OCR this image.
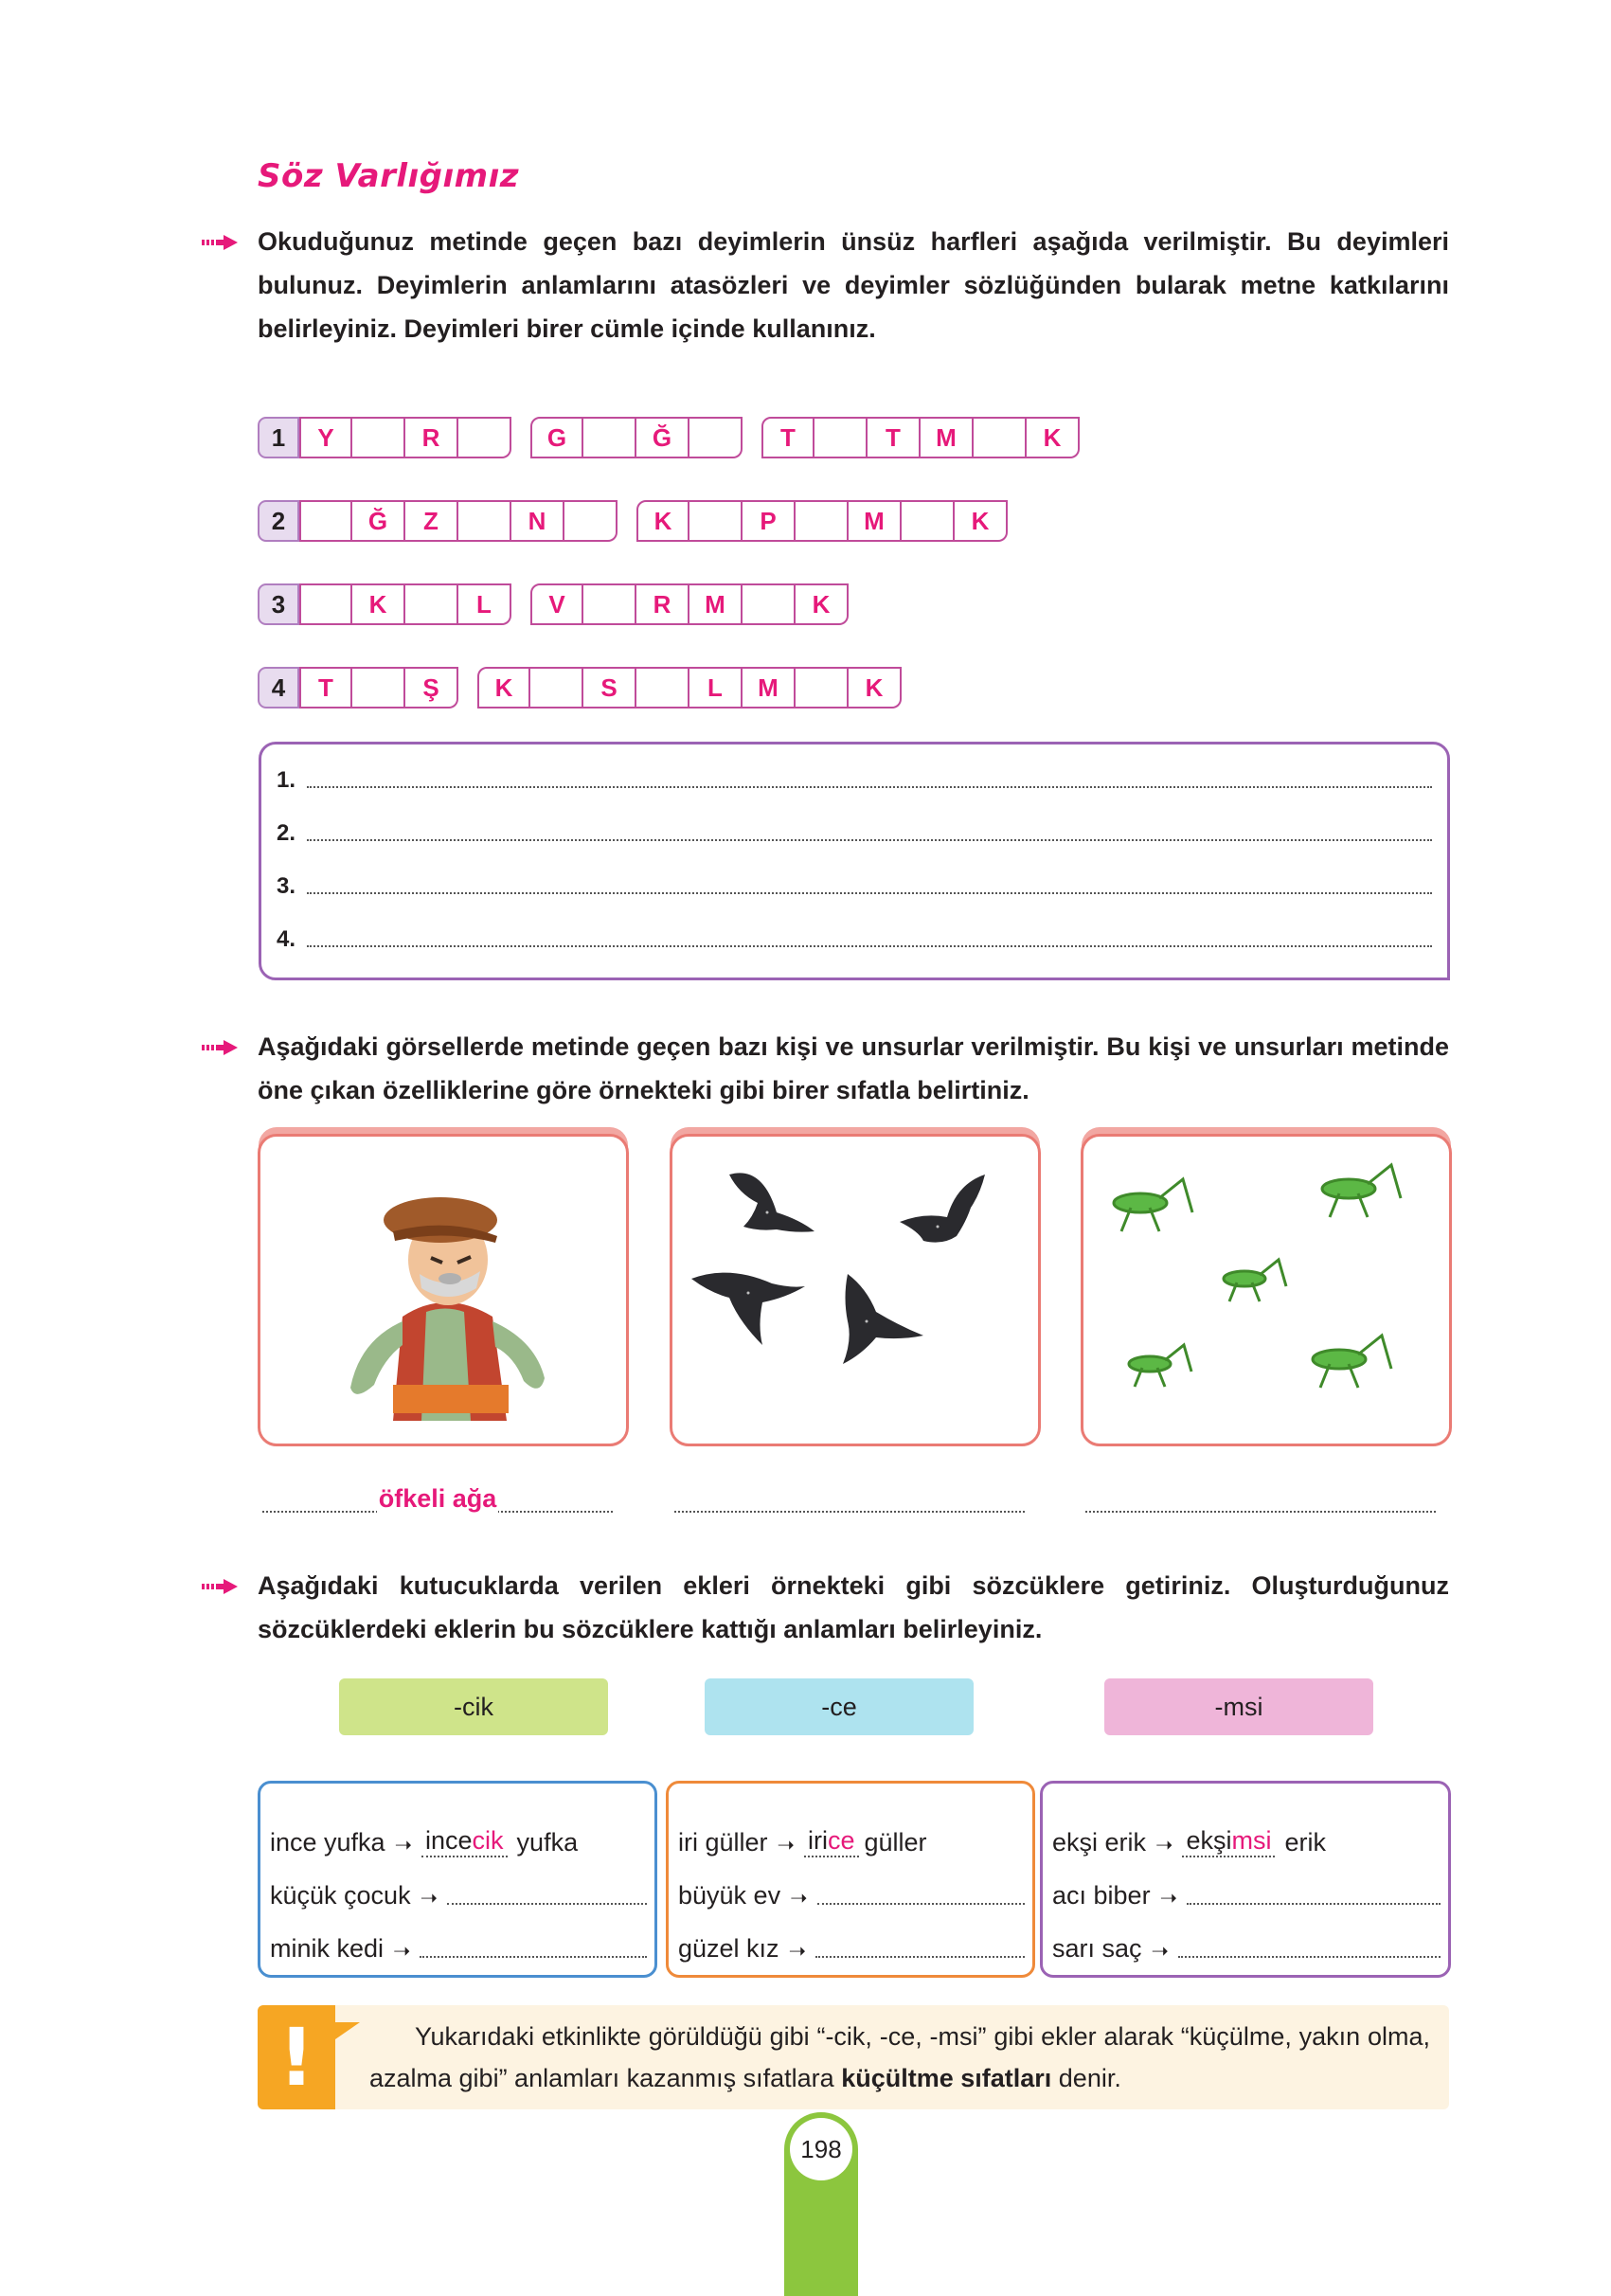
Söz Varlığımız
Okuduğunuz metinde geçen bazı deyimlerin ünsüz harfleri aşağıda verilmiştir. Bu deyimleri bulunuz. Deyimlerin anlamlarını atasözleri ve deyimler sözlüğünden bularak metne katkılarını belirleyiniz. Deyimleri birer cümle içinde kullanınız.
1	Y	R	G	Ğ	T	T	M	K
2	Ğ	Z	N	K	P	M	K
3	K	L	V	R	M	K
4	T	Ş	K	S	L	M	K
1.
2.
3.
4.
Aşağıdaki görsellerde metinde geçen bazı kişi ve unsurlar verilmiştir. Bu kişi ve unsurları metinde öne çıkan özelliklerine göre örnekteki gibi birer sıfatla belirtiniz.
öfkeli ağa
Aşağıdaki kutucuklarda verilen ekleri örnekteki gibi sözcüklere getiriniz. Oluşturduğunuz sözcüklerdeki eklerin bu sözcüklere kattığı anlamları belirleyiniz.
-cik	-ce	-msi
ince yufka ➝ incecik yufka
küçük çocuk ➝
minik kedi ➝
iri güller ➝ irice güller
büyük ev ➝
güzel kız ➝
ekşi erik ➝ ekşimsi erik
acı biber ➝
sarı saç ➝
!	Yukarıdaki etkinlikte görüldüğü gibi “-cik, -ce, -msi” gibi ekler alarak “küçülme, yakın olma, azalma gibi” anlamları kazanmış sıfatlara küçültme sıfatları denir.
198
